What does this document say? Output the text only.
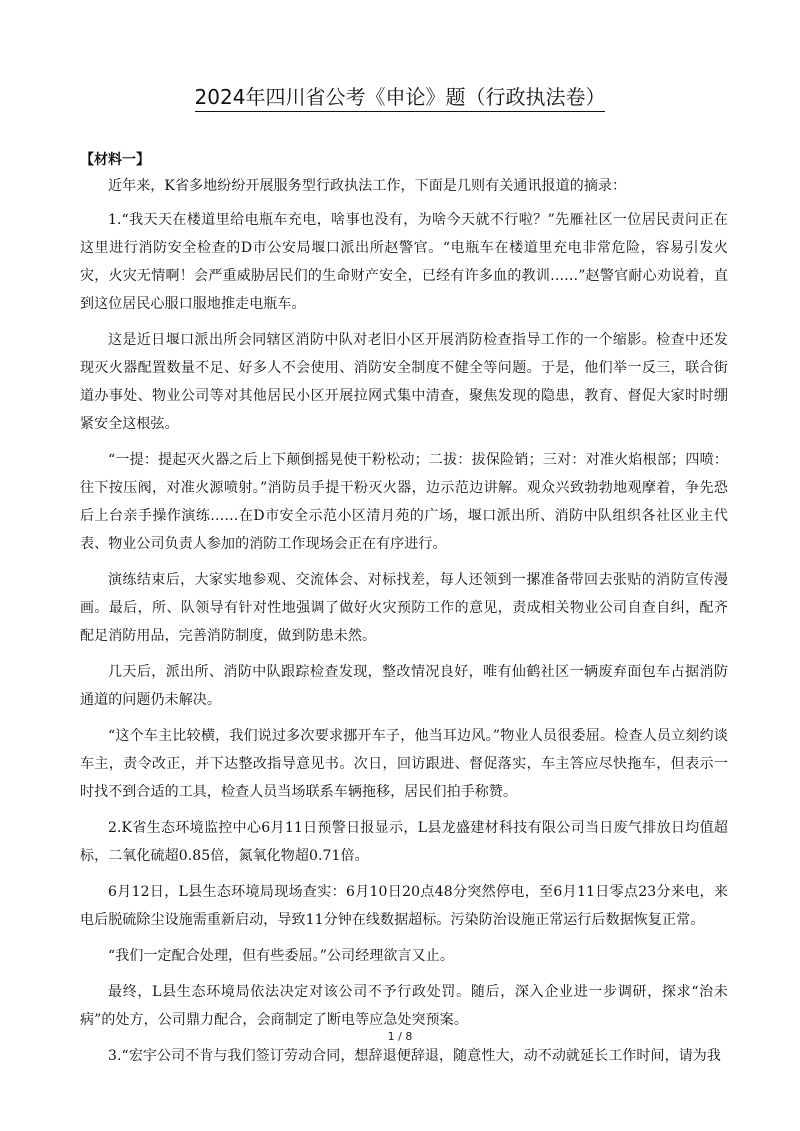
2024年四川省公考《申论》题（行政执法卷）

【材料一】

近年来，K省多地纷纷开展服务型行政执法工作，下面是几则有关通讯报道的摘录：

1.“我天天在楼道里给电瓶车充电，啥事也没有，为啥今天就不行啦？”先雁社区一位居民责问正在这里进行消防安全检查的D市公安局堰口派出所赵警官。“电瓶车在楼道里充电非常危险，容易引发火灾，火灾无情啊！会严重威胁居民们的生命财产安全，已经有许多血的教训……”赵警官耐心劝说着，直到这位居民心服口服地推走电瓶车。

这是近日堰口派出所会同辖区消防中队对老旧小区开展消防检查指导工作的一个缩影。检查中还发现灭火器配置数量不足、好多人不会使用、消防安全制度不健全等问题。于是，他们举一反三，联合街道办事处、物业公司等对其他居民小区开展拉网式集中清查，聚焦发现的隐患，教育、督促大家时时绷紧安全这根弦。

“一提：提起灭火器之后上下颠倒摇晃使干粉松动；二拔：拔保险销；三对：对准火焰根部；四喷：往下按压阀，对准火源喷射。”消防员手提干粉灭火器，边示范边讲解。观众兴致勃勃地观摩着，争先恐后上台亲手操作演练……在D市安全示范小区清月苑的广场，堰口派出所、消防中队组织各社区业主代表、物业公司负责人参加的消防工作现场会正在有序进行。

演练结束后，大家实地参观、交流体会、对标找差，每人还领到一摞准备带回去张贴的消防宣传漫画。最后，所、队领导有针对性地强调了做好火灾预防工作的意见，责成相关物业公司自查自纠，配齐配足消防用品，完善消防制度，做到防患未然。

几天后，派出所、消防中队跟踪检查发现，整改情况良好，唯有仙鹤社区一辆废弃面包车占据消防通道的问题仍未解决。

“这个车主比较横，我们说过多次要求挪开车子，他当耳边风。”物业人员很委屈。检查人员立刻约谈车主，责令改正，并下达整改指导意见书。次日，回访跟进、督促落实，车主答应尽快拖车，但表示一时找不到合适的工具，检查人员当场联系车辆拖移，居民们拍手称赞。

2.K省生态环境监控中心6月11日预警日报显示，L县龙盛建材科技有限公司当日废气排放日均值超标，二氧化硫超0.85倍，氮氧化物超0.71倍。

6月12日，L县生态环境局现场查实：6月10日20点48分突然停电，至6月11日零点23分来电，来电后脱硫除尘设施需重新启动，导致11分钟在线数据超标。污染防治设施正常运行后数据恢复正常。

“我们一定配合处理，但有些委屈。”公司经理欲言又止。

最终，L县生态环境局依法决定对该公司不予行政处罚。随后，深入企业进一步调研，探求“治未病”的处方，公司鼎力配合，会商制定了断电等应急处突预案。

3.“宏宇公司不肯与我们签订劳动合同，想辞退便辞退，随意性大，动不动就延长工作时间，请为我

1 / 8
